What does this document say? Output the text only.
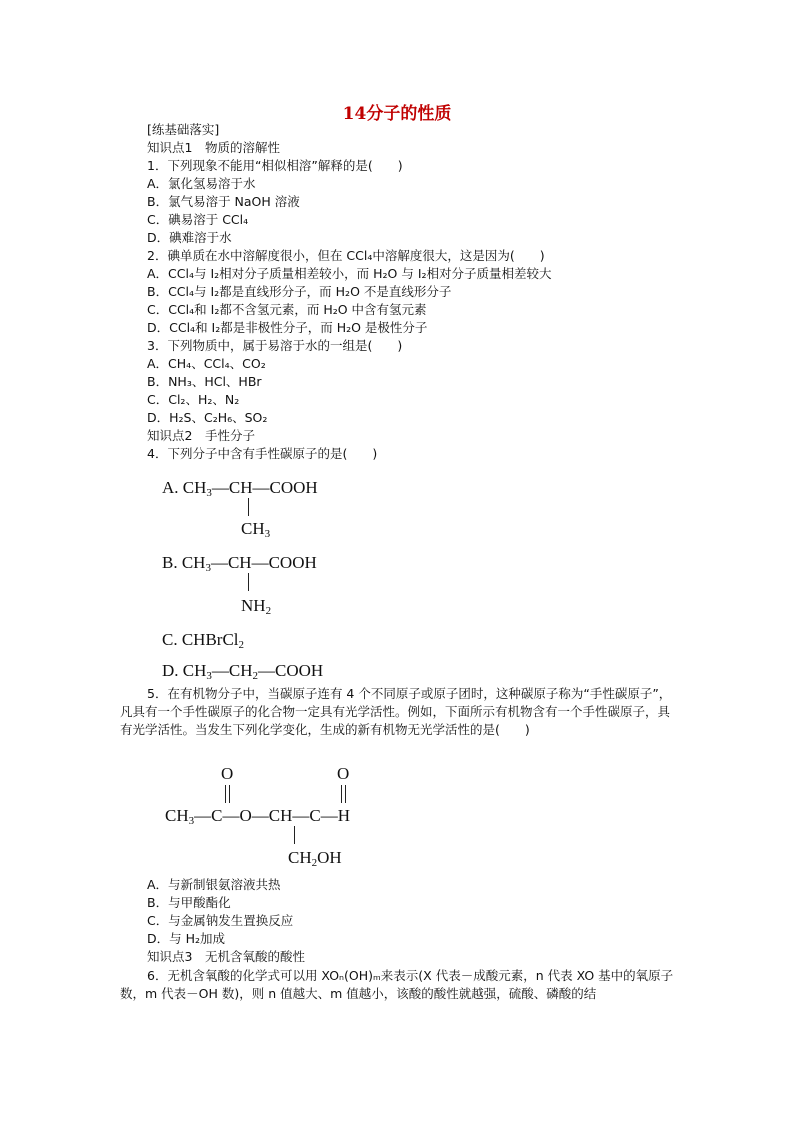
14分子的性质
[练基础落实]
知识点1　物质的溶解性
1．下列现象不能用“相似相溶”解释的是(　　)
A．氯化氢易溶于水
B．氯气易溶于 NaOH 溶液
C．碘易溶于 CCl₄
D．碘难溶于水
2．碘单质在水中溶解度很小，但在 CCl₄中溶解度很大，这是因为(　　)
A．CCl₄与 I₂相对分子质量相差较小，而 H₂O 与 I₂相对分子质量相差较大
B．CCl₄与 I₂都是直线形分子，而 H₂O 不是直线形分子
C．CCl₄和 I₂都不含氢元素，而 H₂O 中含有氢元素
D．CCl₄和 I₂都是非极性分子，而 H₂O 是极性分子
3．下列物质中，属于易溶于水的一组是(　　)
A．CH₄、CCl₄、CO₂
B．NH₃、HCl、HBr
C．Cl₂、H₂、N₂
D．H₂S、C₂H₆、SO₂
知识点2　手性分子
4．下列分子中含有手性碳原子的是(　　)
A. $CH_3—CH—COOH$
$CH_3$
B. $CH_3—CH—COOH$
$NH_2$
C. CHBrCl$_2$
D. $CH_3—CH_2—COOH$
5．在有机物分子中，当碳原子连有 4 个不同原子或原子团时，这种碳原子称为“手性碳原子”，凡具有一个手性碳原子的化合物一定具有光学活性。例如，下面所示有机物含有一个手性碳原子，具有光学活性。当发生下列化学变化，生成的新有机物无光学活性的是(　　)
O	O
$CH_3—C—O—CH—C—H$
$CH_2OH$
A．与新制银氨溶液共热
B．与甲酸酯化
C．与金属钠发生置换反应
D．与 H₂加成
知识点3　无机含氧酸的酸性
6．无机含氧酸的化学式可以用 XOₙ(OH)ₘ来表示(X 代表－成酸元素，n 代表 XO 基中的氧原子数，m 代表－OH 数)，则 n 值越大、m 值越小，该酸的酸性就越强，硫酸、磷酸的结
